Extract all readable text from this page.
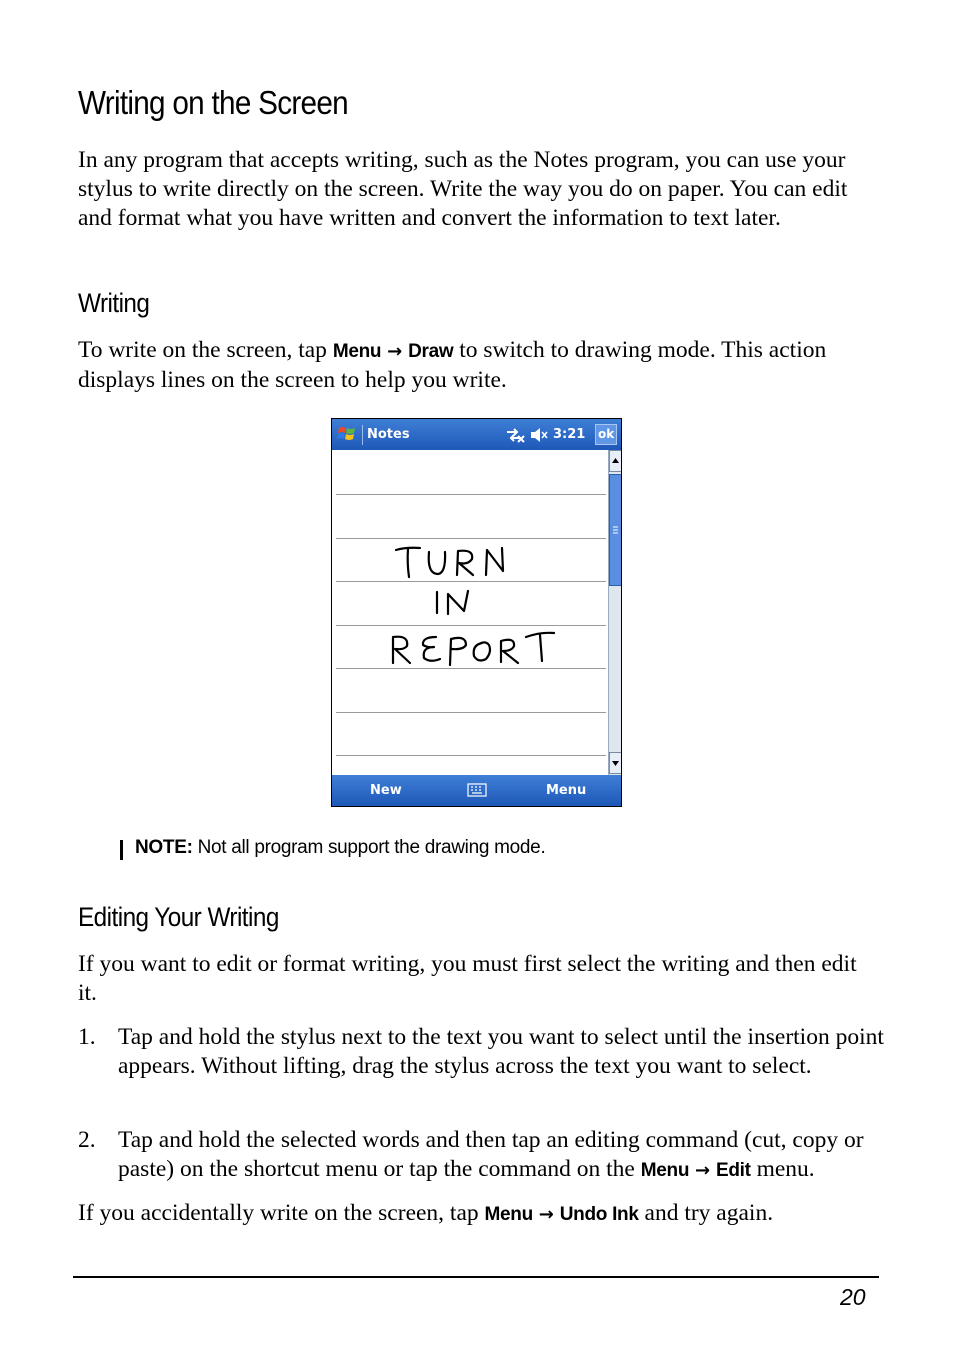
Writing on the Screen
In any program that accepts writing, such as the Notes program, you can use your stylus to write directly on the screen. Write the way you do on paper. You can edit and format what you have written and convert the information to text later.
Writing
To write on the screen, tap Menu → Draw to switch to drawing mode. This action displays lines on the screen to help you write.
Notes	3:21 ok
New	Menu
NOTE: Not all program support the drawing mode.
Editing Your Writing
If you want to edit or format writing, you must first select the writing and then edit it.
1. Tap and hold the stylus next to the text you want to select until the insertion point appears. Without lifting, drag the stylus across the text you want to select.
2. Tap and hold the selected words and then tap an editing command (cut, copy or paste) on the shortcut menu or tap the command on the Menu → Edit menu.
If you accidentally write on the screen, tap Menu → Undo Ink and try again.
20
